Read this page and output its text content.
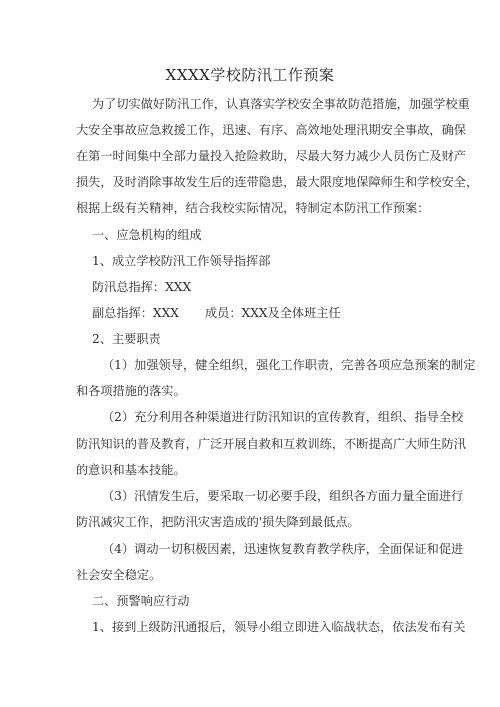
XXXX学校防汛工作预案
为了切实做好防汛工作，认真落实学校安全事故防范措施，加强学校重
大安全事故应急救援工作，迅速、有序、高效地处理汛期安全事故，确保
在第一时间集中全部力量投入抢险救助，尽最大努力减少人员伤亡及财产
损失，及时消除事故发生后的连带隐患，最大限度地保障师生和学校安全，
根据上级有关精神，结合我校实际情况，特制定本防汛工作预案：
一、应急机构的组成
1、成立学校防汛工作领导指挥部
防汛总指挥：XXX
副总指挥：XXX 成员：XXX及全体班主任
2、主要职责
（1）加强领导，健全组织，强化工作职责，完善各项应急预案的制定
和各项措施的落实。
（2）充分利用各种渠道进行防汛知识的宣传教育，组织、指导全校
防汛知识的普及教育，广泛开展自救和互救训练，不断提高广大师生防汛
的意识和基本技能。
（3）汛情发生后，要采取一切必要手段，组织各方面力量全面进行
防汛减灾工作，把防汛灾害造成的'损失降到最低点。
（4）调动一切积极因素，迅速恢复教育教学秩序，全面保证和促进
社会安全稳定。
二、预警响应行动
1、接到上级防汛通报后，领导小组立即进入临战状态，依法发布有关
